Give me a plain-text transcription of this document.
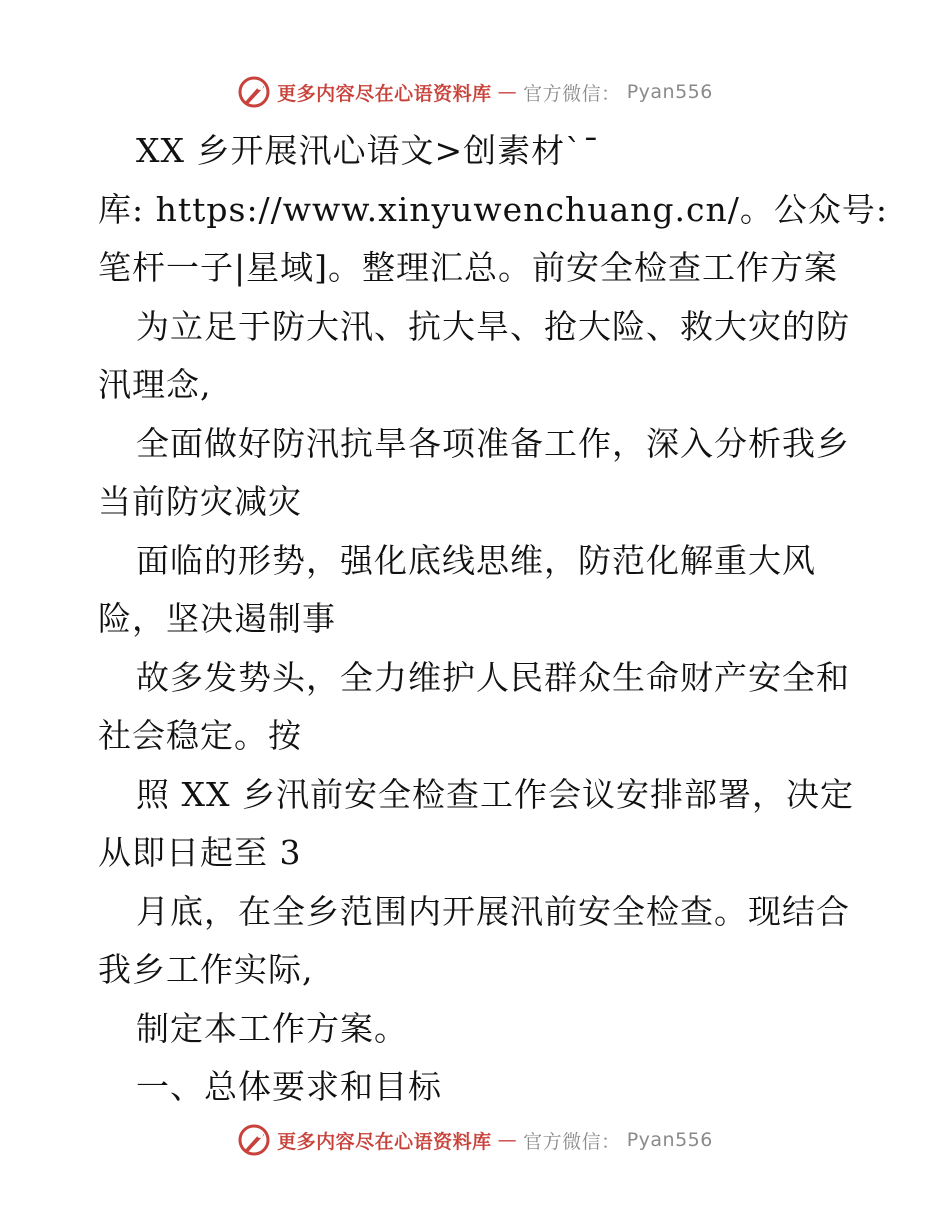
更多内容尽在心语资料库 — 官方微信： Pyan556
XX 乡开展汛心语文>创素材`¯
库: https://www.xinyuwenchuang.cn/。公众号:
笔杆一子|星域]。整理汇总。前安全检查工作方案
为立足于防大汛、抗大旱、抢大险、救大灾的防
汛理念,
全面做好防汛抗旱各项准备工作，深入分析我乡
当前防灾减灾
面临的形势，强化底线思维，防范化解重大风
险，坚决遏制事
故多发势头，全力维护人民群众生命财产安全和
社会稳定。按
照 XX 乡汛前安全检查工作会议安排部署，决定
从即日起至 3
月底，在全乡范围内开展汛前安全检查。现结合
我乡工作实际,
制定本工作方案。
一、总体要求和目标
更多内容尽在心语资料库 — 官方微信： Pyan556
